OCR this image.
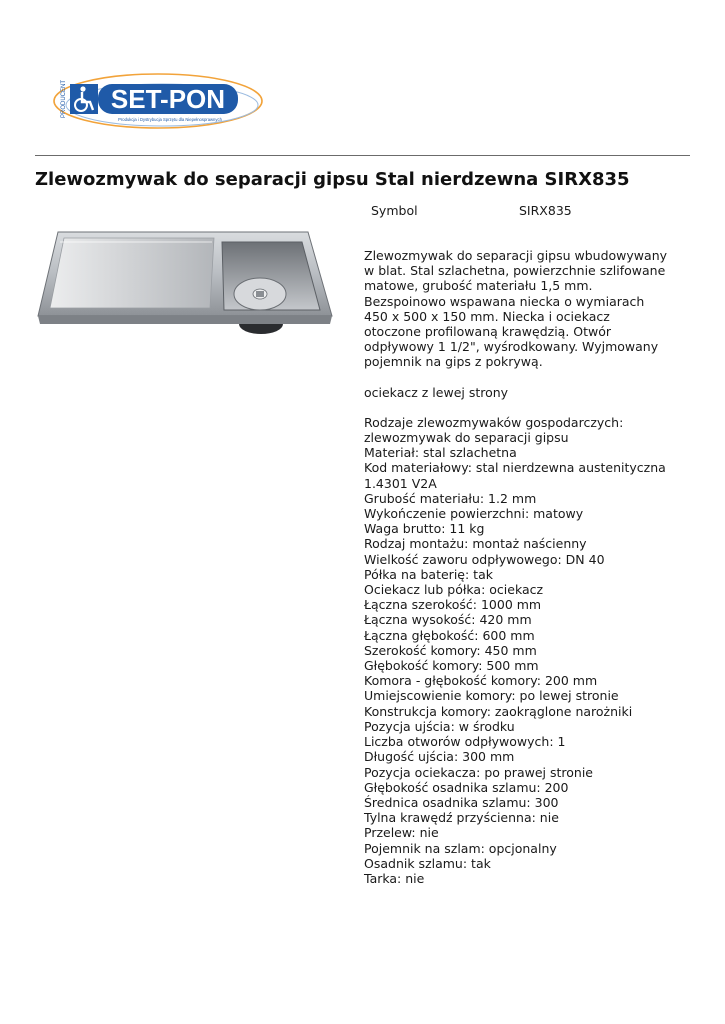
PRODUCENT SET-PON
Produkcja i Dystrybucja Sprzętu dla Niepełnosprawnych
Zlewozmywak do separacji gipsu Stal nierdzewna SIRX835
Symbol	SIRX835

Zlewozmywak do separacji gipsu wbudowywany w blat. Stal szlachetna, powierzchnie szlifowane matowe, grubość materiału 1,5 mm. Bezspoinowo wspawana niecka o wymiarach 450 x 500 x 150 mm. Niecka i ociekacz otoczone profilowaną krawędzią. Otwór odpływowy 1 1/2", wyśrodkowany. Wyjmowany pojemnik na gips z pokrywą.

ociekacz z lewej strony

Rodzaje zlewozmywaków gospodarczych: zlewozmywak do separacji gipsu
Materiał: stal szlachetna
Kod materiałowy: stal nierdzewna austenityczna 1.4301 V2A
Grubość materiału: 1.2 mm
Wykończenie powierzchni: matowy
Waga brutto: 11 kg
Rodzaj montażu: montaż naścienny
Wielkość zaworu odpływowego: DN 40
Półka na baterię: tak
Ociekacz lub półka: ociekacz
Łączna szerokość: 1000 mm
Łączna wysokość: 420 mm
Łączna głębokość: 600 mm
Szerokość komory: 450 mm
Głębokość komory: 500 mm
Komora - głębokość komory: 200 mm
Umiejscowienie komory: po lewej stronie
Konstrukcja komory: zaokrąglone narożniki
Pozycja ujścia: w środku
Liczba otworów odpływowych: 1
Długość ujścia: 300 mm
Pozycja ociekacza: po prawej stronie
Głębokość osadnika szlamu: 200
Średnica osadnika szlamu: 300
Tylna krawędź przyścienna: nie
Przelew: nie
Pojemnik na szlam: opcjonalny
Osadnik szlamu: tak
Tarka: nie
